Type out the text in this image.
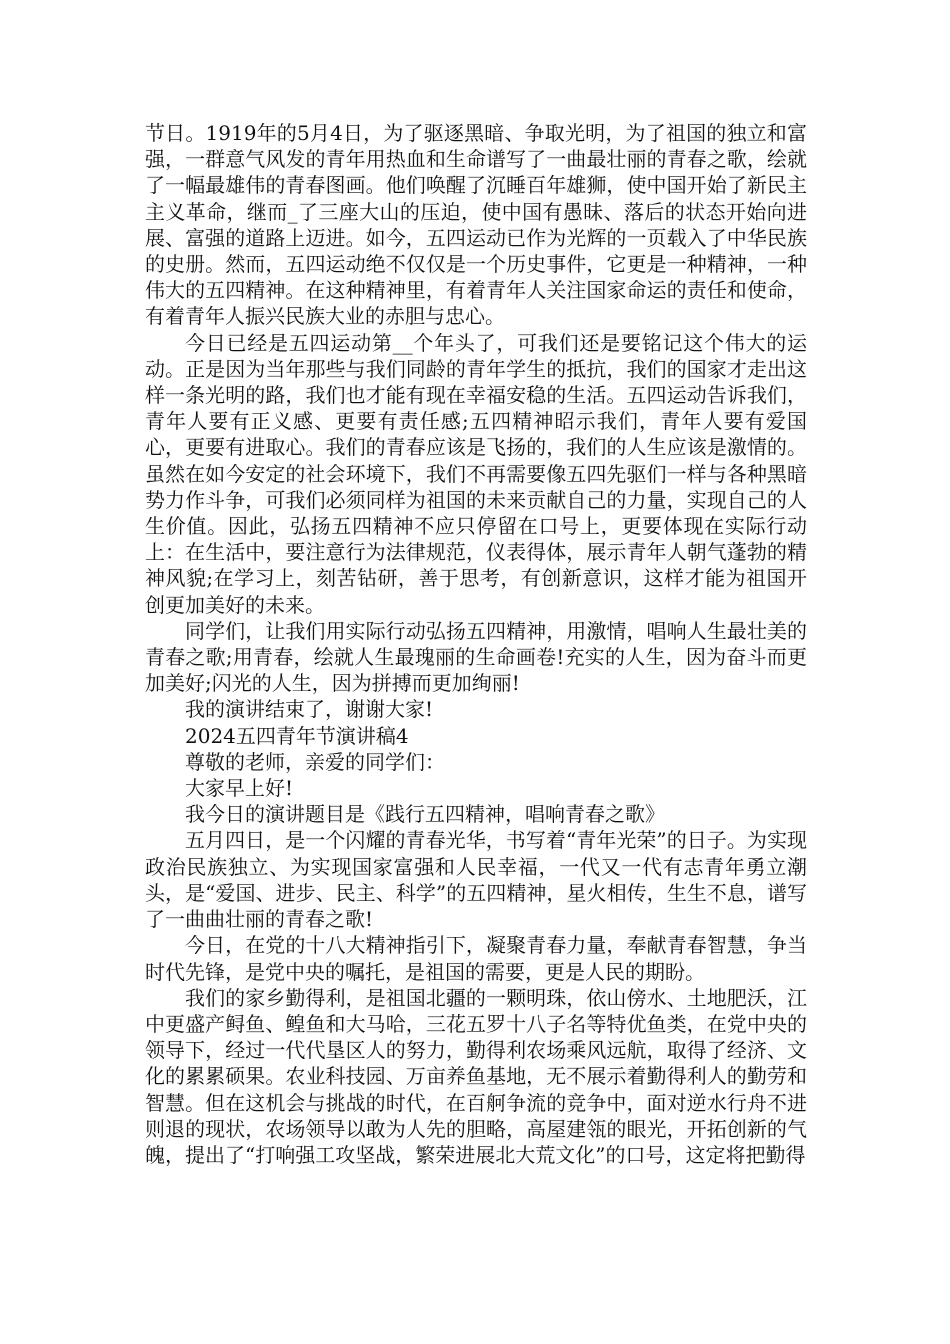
节日。1919年的5月4日，为了驱逐黑暗、争取光明，为了祖国的独立和富强，一群意气风发的青年用热血和生命谱写了一曲最壮丽的青春之歌，绘就了一幅最雄伟的青春图画。他们唤醒了沉睡百年雄狮，使中国开始了新民主主义革命，继而_了三座大山的压迫，使中国有愚昧、落后的状态开始向进展、富强的道路上迈进。如今，五四运动已作为光辉的一页载入了中华民族的史册。然而，五四运动绝不仅仅是一个历史事件，它更是一种精神，一种伟大的五四精神。在这种精神里，有着青年人关注国家命运的责任和使命，有着青年人振兴民族大业的赤胆与忠心。

今日已经是五四运动第__个年头了，可我们还是要铭记这个伟大的运动。正是因为当年那些与我们同龄的青年学生的抵抗，我们的国家才走出这样一条光明的路，我们也才能有现在幸福安稳的生活。五四运动告诉我们，青年人要有正义感、更要有责任感;五四精神昭示我们，青年人要有爱国心，更要有进取心。我们的青春应该是飞扬的，我们的人生应该是激情的。虽然在如今安定的社会环境下，我们不再需要像五四先驱们一样与各种黑暗势力作斗争，可我们必须同样为祖国的未来贡献自己的力量，实现自己的人生价值。因此，弘扬五四精神不应只停留在口号上，更要体现在实际行动上：在生活中，要注意行为法律规范，仪表得体，展示青年人朝气蓬勃的精神风貌;在学习上，刻苦钻研，善于思考，有创新意识，这样才能为祖国开创更加美好的未来。

同学们，让我们用实际行动弘扬五四精神，用激情，唱响人生最壮美的青春之歌;用青春，绘就人生最瑰丽的生命画卷!充实的人生，因为奋斗而更加美好;闪光的人生，因为拼搏而更加绚丽!

我的演讲结束了，谢谢大家!

2024五四青年节演讲稿4

尊敬的老师，亲爱的同学们：

大家早上好!

我今日的演讲题目是《践行五四精神，唱响青春之歌》

五月四日，是一个闪耀的青春光华，书写着“青年光荣”的日子。为实现政治民族独立、为实现国家富强和人民幸福，一代又一代有志青年勇立潮头，是“爱国、进步、民主、科学”的五四精神，星火相传，生生不息，谱写了一曲曲壮丽的青春之歌!

今日，在党的十八大精神指引下，凝聚青春力量，奉献青春智慧，争当时代先锋，是党中央的嘱托，是祖国的需要，更是人民的期盼。

我们的家乡勤得利，是祖国北疆的一颗明珠，依山傍水、土地肥沃，江中更盛产鲟鱼、鳇鱼和大马哈，三花五罗十八子名等特优鱼类，在党中央的领导下，经过一代代垦区人的努力，勤得利农场乘风远航，取得了经济、文化的累累硕果。农业科技园、万亩养鱼基地，无不展示着勤得利人的勤劳和智慧。但在这机会与挑战的时代，在百舸争流的竞争中，面对逆水行舟不进则退的现状，农场领导以敢为人先的胆略，高屋建瓴的眼光，开拓创新的气魄，提出了“打响强工攻坚战，繁荣进展北大荒文化”的口号，这定将把勤得
